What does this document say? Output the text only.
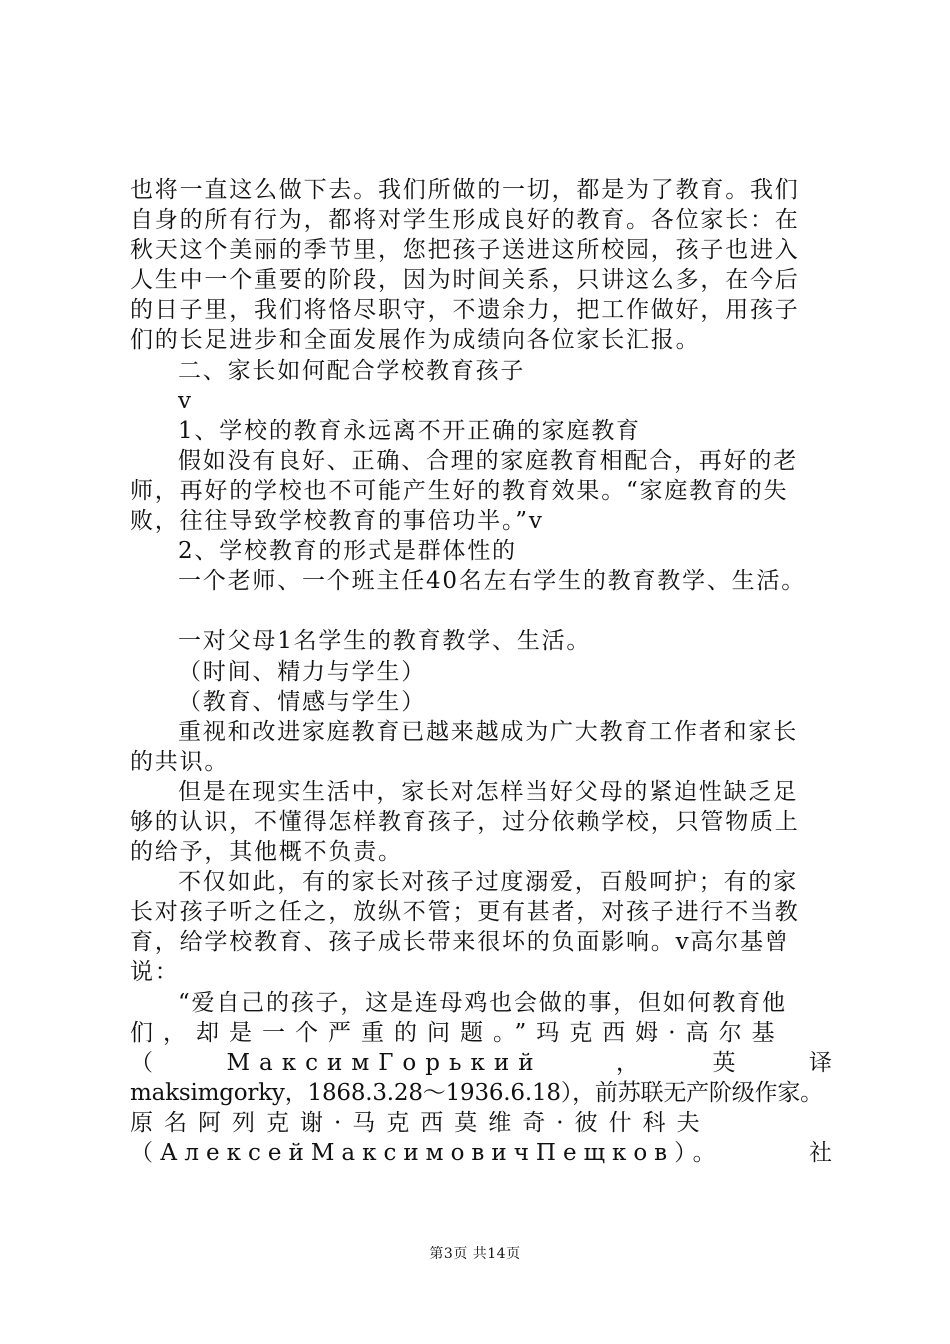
也将一直这么做下去。我们所做的一切，都是为了教育。我们
自身的所有行为，都将对学生形成良好的教育。各位家长：在
秋天这个美丽的季节里，您把孩子送进这所校园，孩子也进入
人生中一个重要的阶段，因为时间关系，只讲这么多，在今后
的日子里，我们将恪尽职守，不遗余力，把工作做好，用孩子
们的长足进步和全面发展作为成绩向各位家长汇报。
二、家长如何配合学校教育孩子
v
1、学校的教育永远离不开正确的家庭教育
假如没有良好、正确、合理的家庭教育相配合，再好的老
师，再好的学校也不可能产生好的教育效果。“家庭教育的失
败，往往导致学校教育的事倍功半。”v
2、学校教育的形式是群体性的
一个老师、一个班主任40名左右学生的教育教学、生活。
一对父母1名学生的教育教学、生活。
（时间、精力与学生）
（教育、情感与学生）
重视和改进家庭教育已越来越成为广大教育工作者和家长
的共识。
但是在现实生活中，家长对怎样当好父母的紧迫性缺乏足
够的认识，不懂得怎样教育孩子，过分依赖学校，只管物质上
的给予，其他概不负责。
不仅如此，有的家长对孩子过度溺爱，百般呵护；有的家
长对孩子听之任之，放纵不管；更有甚者，对孩子进行不当教
育，给学校教育、孩子成长带来很坏的负面影响。v高尔基曾
说：
“爱自己的孩子，这是连母鸡也会做的事，但如何教育他
们，却是一个严重的问题。”玛克西姆·高尔基
（	МаксимГорький	，	英	译
maksimgorky，1868.3.28～1936.6.18），前苏联无产阶级作家。
原名阿列克谢·马克西莫维奇·彼什科夫
（АлексейМаксимовичПещков）。	社
第3页 共14页
